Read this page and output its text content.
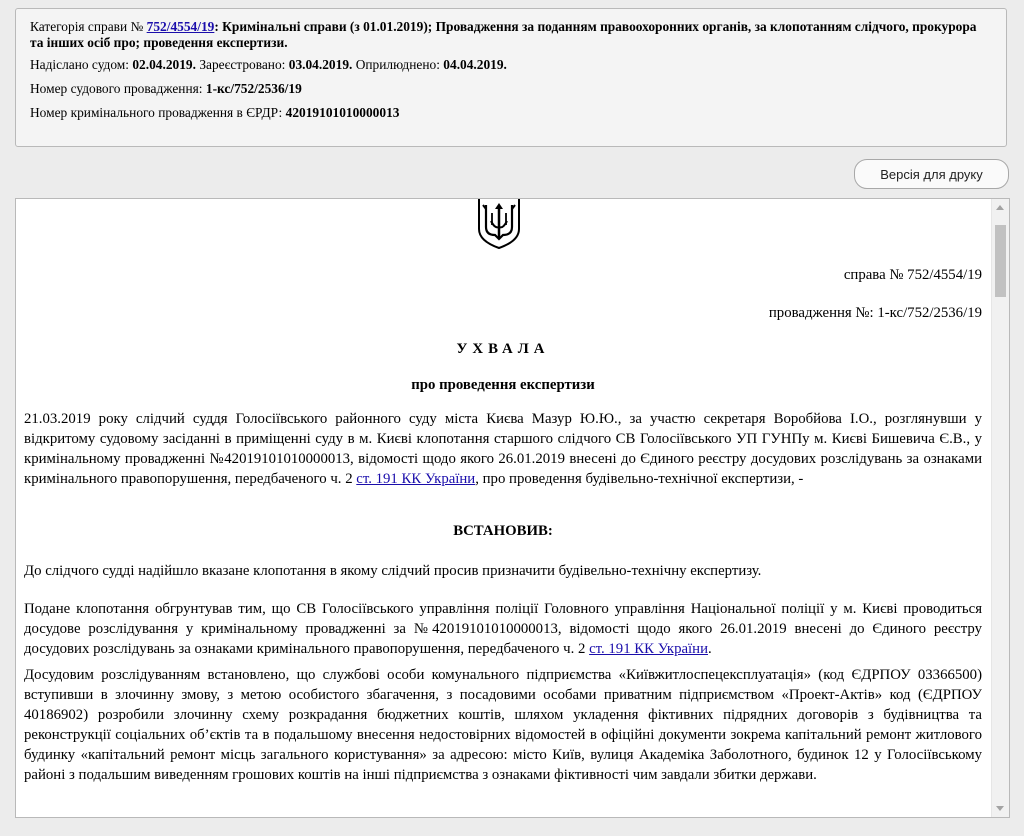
Категорія справи № 752/4554/19: Кримінальні справи (з 01.01.2019); Провадження за поданням правоохоронних органів, за клопотанням слідчого, прокурора та інших осіб про; проведення експертизи.
Надіслано судом: 02.04.2019. Зареєстровано: 03.04.2019. Оприлюднено: 04.04.2019.
Номер судового провадження: 1-кс/752/2536/19
Номер кримінального провадження в ЄРДР: 42019101010000013
Версія для друку
справа № 752/4554/19
провадження №: 1-кс/752/2536/19
УХВАЛА
про проведення експертизи
21.03.2019 року слідчий суддя Голосіївського районного суду міста Києва Мазур Ю.Ю., за участю секретаря Воробйова І.О., розглянувши у відкритому судовому засіданні в приміщенні суду в м. Києві клопотання старшого слідчого СВ Голосіївського УП ГУНПу м. Києві Бишевича Є.В., у кримінальному провадженні №42019101010000013, відомості щодо якого 26.01.2019 внесені до Єдиного реєстру досудових розслідувань за ознаками кримінального правопорушення, передбаченого ч. 2 ст. 191 КК України, про проведення будівельно-технічної експертизи, -
ВСТАНОВИВ:
До слідчого судді надійшло вказане клопотання в якому слідчий просив призначити будівельно-технічну експертизу.
Подане клопотання обгрунтував тим, що СВ Голосіївського управління поліції Головного управління Національної поліції у м. Києві проводиться досудове розслідування у кримінальному провадженні за №42019101010000013, відомості щодо якого 26.01.2019 внесені до Єдиного реєстру досудових розслідувань за ознаками кримінального правопорушення, передбаченого ч. 2 ст. 191 КК України.
Досудовим розслідуванням встановлено, що службові особи комунального підприємства «Київжитлоспецексплуатація» (код ЄДРПОУ 03366500) вступивши в злочинну змову, з метою особистого збагачення, з посадовими особами приватним підприємством «Проект-Актів» код (ЄДРПОУ 40186902) розробили злочинну схему розкрадання бюджетних коштів, шляхом укладення фіктивних підрядних договорів з будівництва та реконструкції соціальних об’єктів та в подальшому внесення недостовірних відомостей в офіційні документи зокрема капітальний ремонт житлового будинку «капітальний ремонт місць загального користування» за адресою: місто Київ, вулиця Академіка Заболотного, будинок 12 у Голосіївському районі з подальшим виведенням грошових коштів на інші підприємства з ознаками фіктивності чим завдали збитки держави.
